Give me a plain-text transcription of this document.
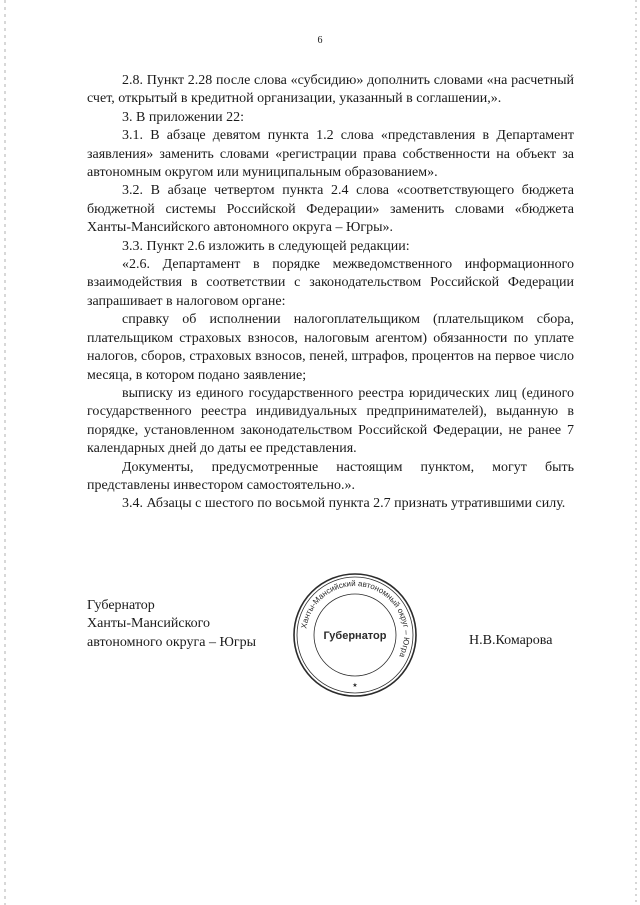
6

2.8. Пункт 2.28 после слова «субсидию» дополнить словами «на расчетный счет, открытый в кредитной организации, указанный в соглашении,».

3. В приложении 22:

3.1. В абзаце девятом пункта 1.2 слова «представления в Департамент заявления» заменить словами «регистрации права собственности на объект за автономным округом или муниципальным образованием».

3.2. В абзаце четвертом пункта 2.4 слова «соответствующего бюджета бюджетной системы Российской Федерации» заменить словами «бюджета Ханты-Мансийского автономного округа – Югры».

3.3. Пункт 2.6 изложить в следующей редакции:

«2.6. Департамент в порядке межведомственного информационного взаимодействия в соответствии с законодательством Российской Федерации запрашивает в налоговом органе:

справку об исполнении налогоплательщиком (плательщиком сбора, плательщиком страховых взносов, налоговым агентом) обязанности по уплате налогов, сборов, страховых взносов, пеней, штрафов, процентов на первое число месяца, в котором подано заявление;

выписку из единого государственного реестра юридических лиц (единого государственного реестра индивидуальных предпринимателей), выданную в порядке, установленном законодательством Российской Федерации, не ранее 7 календарных дней до даты ее представления.

Документы, предусмотренные настоящим пунктом, могут быть представлены инвестором самостоятельно.».

3.4. Абзацы с шестого по восьмой пункта 2.7 признать утратившими силу.

Губернатор
Ханты-Мансийского
автономного округа – Югры
Ханты-Мансийский автономный округ – Югра
Губернатор
★
Н.В.Комарова
